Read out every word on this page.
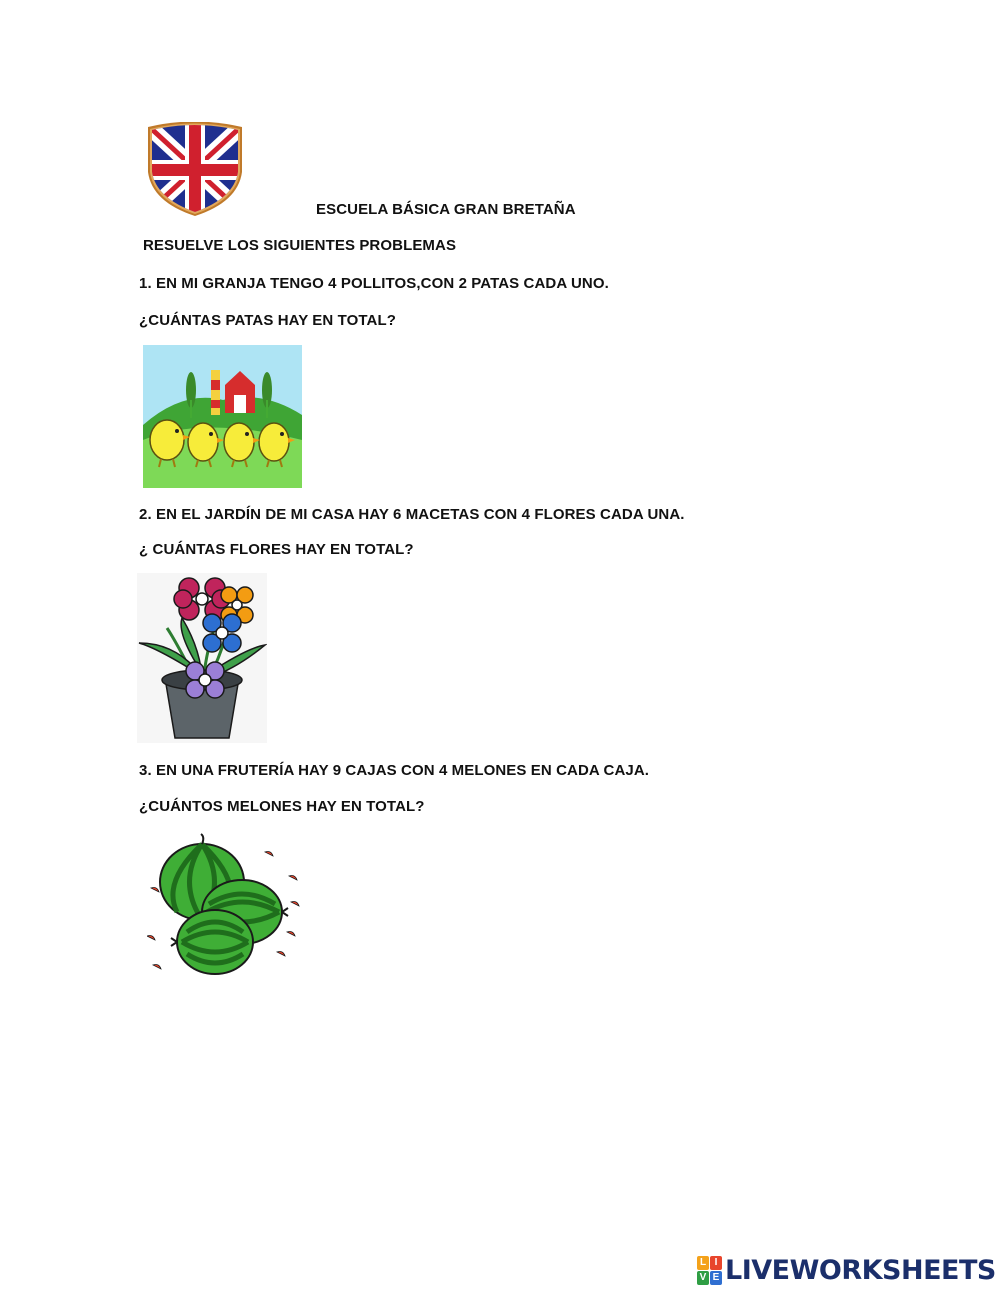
ESCUELA BÁSICA GRAN BRETAÑA
RESUELVE LOS SIGUIENTES PROBLEMAS
1. EN MI GRANJA TENGO 4 POLLITOS,CON 2 PATAS CADA UNO.
¿CUÁNTAS PATAS HAY EN TOTAL?
2. EN EL JARDÍN DE MI CASA HAY 6 MACETAS CON 4 FLORES CADA UNA.
¿ CUÁNTAS FLORES HAY EN TOTAL?
3. EN UNA FRUTERÍA HAY 9 CAJAS CON 4 MELONES EN CADA CAJA.
¿CUÁNTOS MELONES HAY EN TOTAL?
L I
V E LIVEWORKSHEETS
